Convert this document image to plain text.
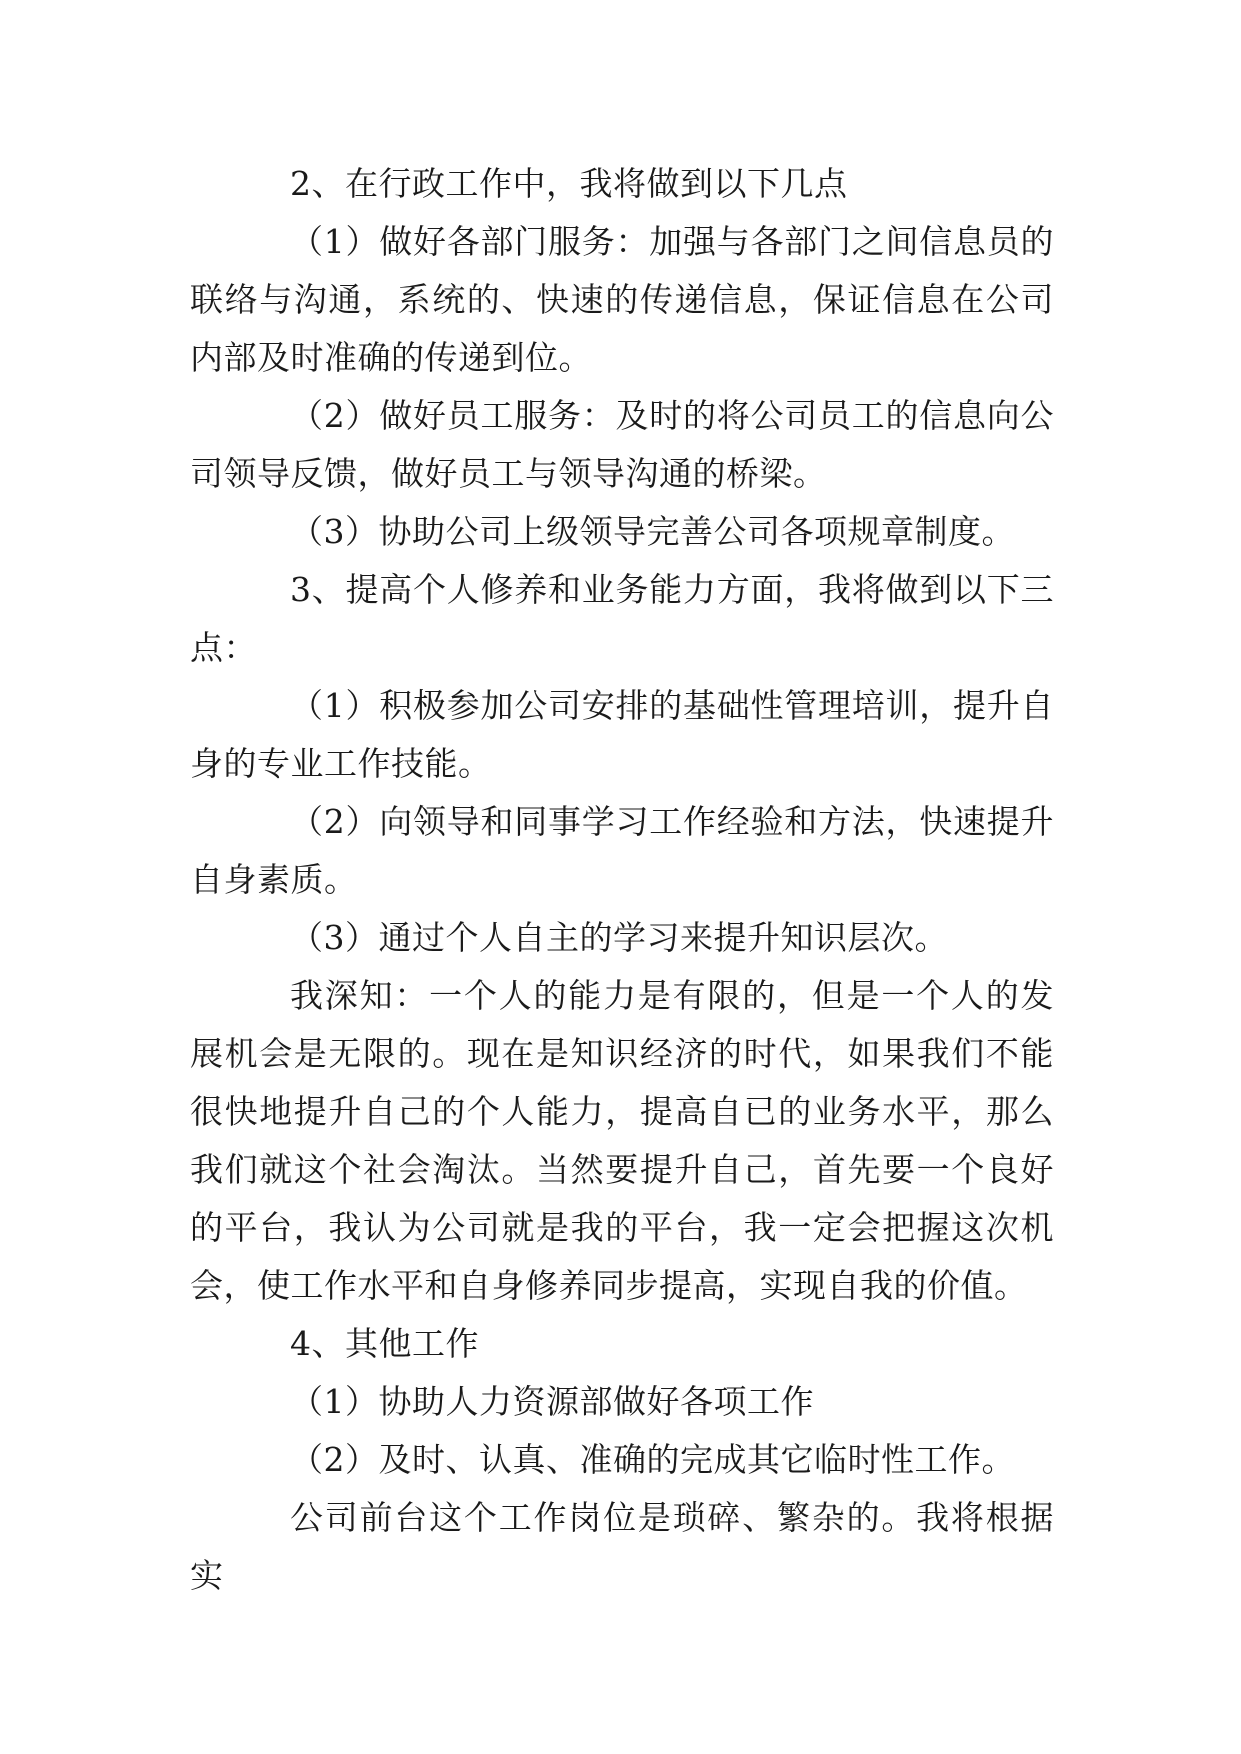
2、在行政工作中，我将做到以下几点

（1）做好各部门服务：加强与各部门之间信息员的联络与沟通，系统的、快速的传递信息，保证信息在公司内部及时准确的传递到位。

（2）做好员工服务：及时的将公司员工的信息向公司领导反馈，做好员工与领导沟通的桥梁。

（3）协助公司上级领导完善公司各项规章制度。

3、提高个人修养和业务能力方面，我将做到以下三点：

（1）积极参加公司安排的基础性管理培训，提升自身的专业工作技能。

（2）向领导和同事学习工作经验和方法，快速提升自身素质。

（3）通过个人自主的学习来提升知识层次。

我深知：一个人的能力是有限的，但是一个人的发展机会是无限的。现在是知识经济的时代，如果我们不能很快地提升自己的个人能力，提高自已的业务水平，那么我们就这个社会淘汰。当然要提升自己，首先要一个良好的平台，我认为公司就是我的平台，我一定会把握这次机会，使工作水平和自身修养同步提高，实现自我的价值。

4、其他工作

（1）协助人力资源部做好各项工作

（2）及时、认真、准确的完成其它临时性工作。

公司前台这个工作岗位是琐碎、繁杂的。我将根据实
